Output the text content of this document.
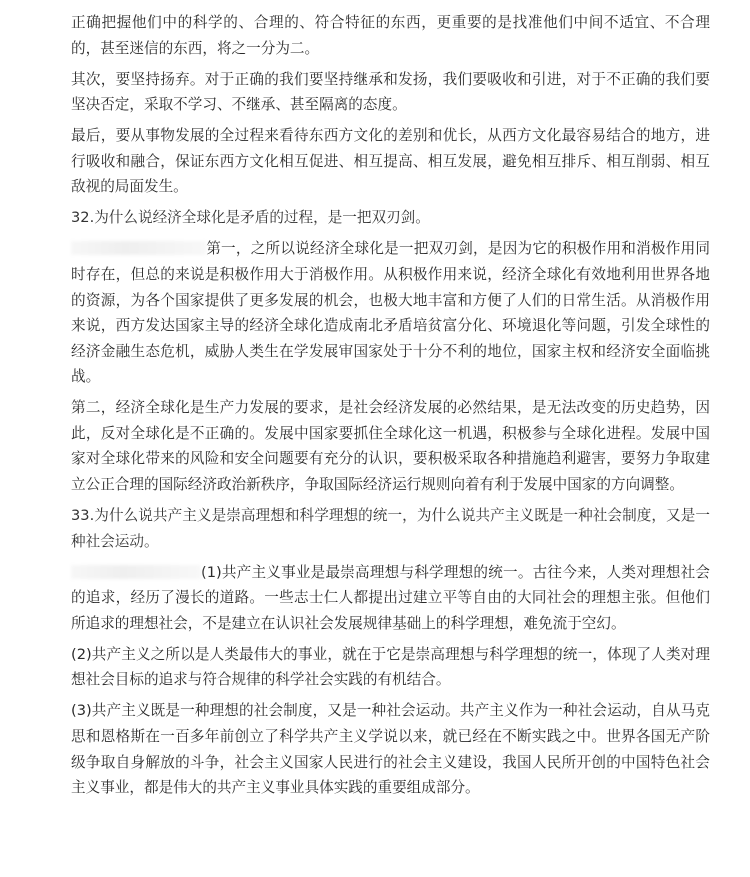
正确把握他们中的科学的、合理的、符合特征的东西，更重要的是找准他们中间不适宜、不合理的，甚至迷信的东西，将之一分为二。

其次，要坚持扬弃。对于正确的我们要坚持继承和发扬，我们要吸收和引进，对于不正确的我们要坚决否定，采取不学习、不继承、甚至隔离的态度。

最后，要从事物发展的全过程来看待东西方文化的差别和优长，从西方文化最容易结合的地方，进行吸收和融合，保证东西方文化相互促进、相互提高、相互发展，避免相互排斥、相互削弱、相互敌视的局面发生。

32.为什么说经济全球化是矛盾的过程，是一把双刃剑。

第一，之所以说经济全球化是一把双刃剑，是因为它的积极作用和消极作用同时存在，但总的来说是积极作用大于消极作用。从积极作用来说，经济全球化有效地利用世界各地的资源，为各个国家提供了更多发展的机会，也极大地丰富和方便了人们的日常生活。从消极作用来说，西方发达国家主导的经济全球化造成南北矛盾培贫富分化、环境退化等问题，引发全球性的经济金融生态危机，威胁人类生在学发展审国家处于十分不利的地位，国家主权和经济安全面临挑战。

第二，经济全球化是生产力发展的要求，是社会经济发展的必然结果，是无法改变的历史趋势，因此，反对全球化是不正确的。发展中国家要抓住全球化这一机遇，积极参与全球化进程。发展中国家对全球化带来的风险和安全问题要有充分的认识，要积极采取各种措施趋利避害，要努力争取建立公正合理的国际经济政治新秩序，争取国际经济运行规则向着有利于发展中国家的方向调整。

33.为什么说共产主义是崇高理想和科学理想的统一，为什么说共产主义既是一种社会制度，又是一种社会运动。

(1)共产主义事业是最崇高理想与科学理想的统一。古往今来，人类对理想社会的追求，经历了漫长的道路。一些志士仁人都提出过建立平等自由的大同社会的理想主张。但他们所追求的理想社会，不是建立在认识社会发展规律基础上的科学理想，难免流于空幻。

(2)共产主义之所以是人类最伟大的事业，就在于它是崇高理想与科学理想的统一，体现了人类对理想社会目标的追求与符合规律的科学社会实践的有机结合。

(3)共产主义既是一种理想的社会制度，又是一种社会运动。共产主义作为一种社会运动，自从马克思和恩格斯在一百多年前创立了科学共产主义学说以来，就已经在不断实践之中。世界各国无产阶级争取自身解放的斗争，社会主义国家人民进行的社会主义建设，我国人民所开创的中国特色社会主义事业，都是伟大的共产主义事业具体实践的重要组成部分。
